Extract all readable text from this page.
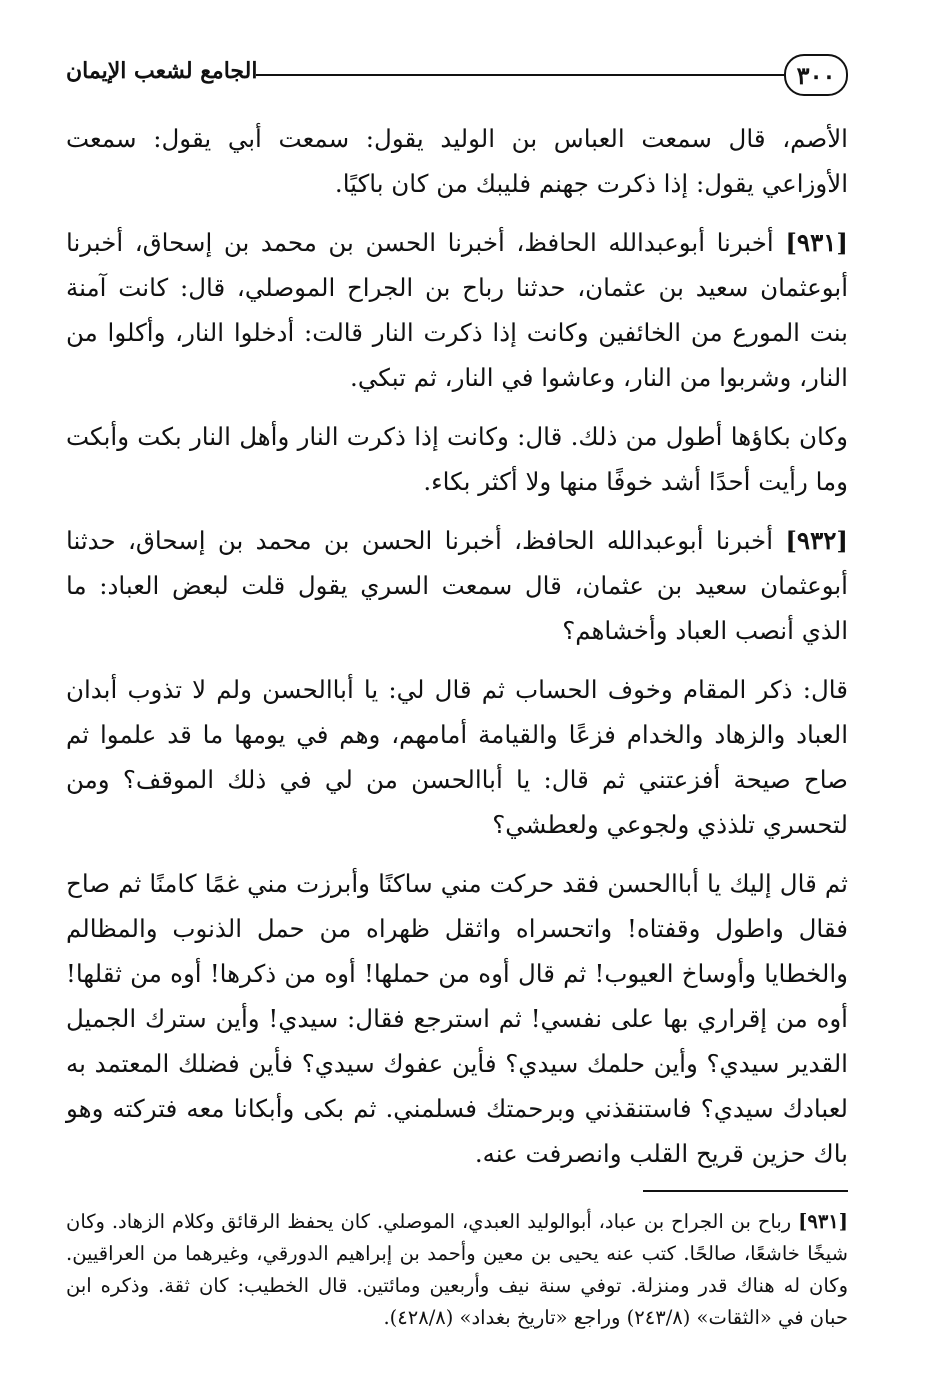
٣٠٠
الجامع لشعب الإيمان

الأصم، قال سمعت العباس بن الوليد يقول: سمعت أبي يقول: سمعت الأوزاعي يقول: إذا ذكرت جهنم فليبك من كان باكيًا.

[٩٣١] أخبرنا أبوعبدالله الحافظ، أخبرنا الحسن بن محمد بن إسحاق، أخبرنا أبوعثمان سعيد بن عثمان، حدثنا رباح بن الجراح الموصلي، قال: كانت آمنة بنت المورع من الخائفين وكانت إذا ذكرت النار قالت: أدخلوا النار، وأكلوا من النار، وشربوا من النار، وعاشوا في النار، ثم تبكي.

وكان بكاؤها أطول من ذلك. قال: وكانت إذا ذكرت النار وأهل النار بكت وأبكت وما رأيت أحدًا أشد خوفًا منها ولا أكثر بكاء.

[٩٣٢] أخبرنا أبوعبدالله الحافظ، أخبرنا الحسن بن محمد بن إسحاق، حدثنا أبوعثمان سعيد بن عثمان، قال سمعت السري يقول قلت لبعض العباد: ما الذي أنصب العباد وأخشاهم؟

قال: ذكر المقام وخوف الحساب ثم قال لي: يا أباالحسن ولم لا تذوب أبدان العباد والزهاد والخدام فزعًا والقيامة أمامهم، وهم في يومها ما قد علموا ثم صاح صيحة أفزعتني ثم قال: يا أباالحسن من لي في ذلك الموقف؟ ومن لتحسري تلذذي ولجوعي ولعطشي؟

ثم قال إليك يا أباالحسن فقد حركت مني ساكنًا وأبرزت مني غمًا كامنًا ثم صاح فقال واطول وقفتاه! واتحسراه واثقل ظهراه من حمل الذنوب والمظالم والخطايا وأوساخ العيوب! ثم قال أوه من حملها! أوه من ذكرها! أوه من ثقلها! أوه من إقراري بها على نفسي! ثم استرجع فقال: سيدي! وأين سترك الجميل القدير سيدي؟ وأين حلمك سيدي؟ فأين عفوك سيدي؟ فأين فضلك المعتمد به لعبادك سيدي؟ فاستنقذني وبرحمتك فسلمني. ثم بكى وأبكانا معه فتركته وهو باك حزين قريح القلب وانصرفت عنه.

[٩٣١] رباح بن الجراح بن عباد، أبوالوليد العبدي، الموصلي. كان يحفظ الرقائق وكلام الزهاد. وكان شيخًا خاشعًا، صالحًا. كتب عنه يحيى بن معين وأحمد بن إبراهيم الدورقي، وغيرهما من العراقيين. وكان له هناك قدر ومنزلة. توفي سنة نيف وأربعين ومائتين. قال الخطيب: كان ثقة. وذكره ابن حبان في «الثقات» (٢٤٣/٨) وراجع «تاريخ بغداد» (٤٢٨/٨).
